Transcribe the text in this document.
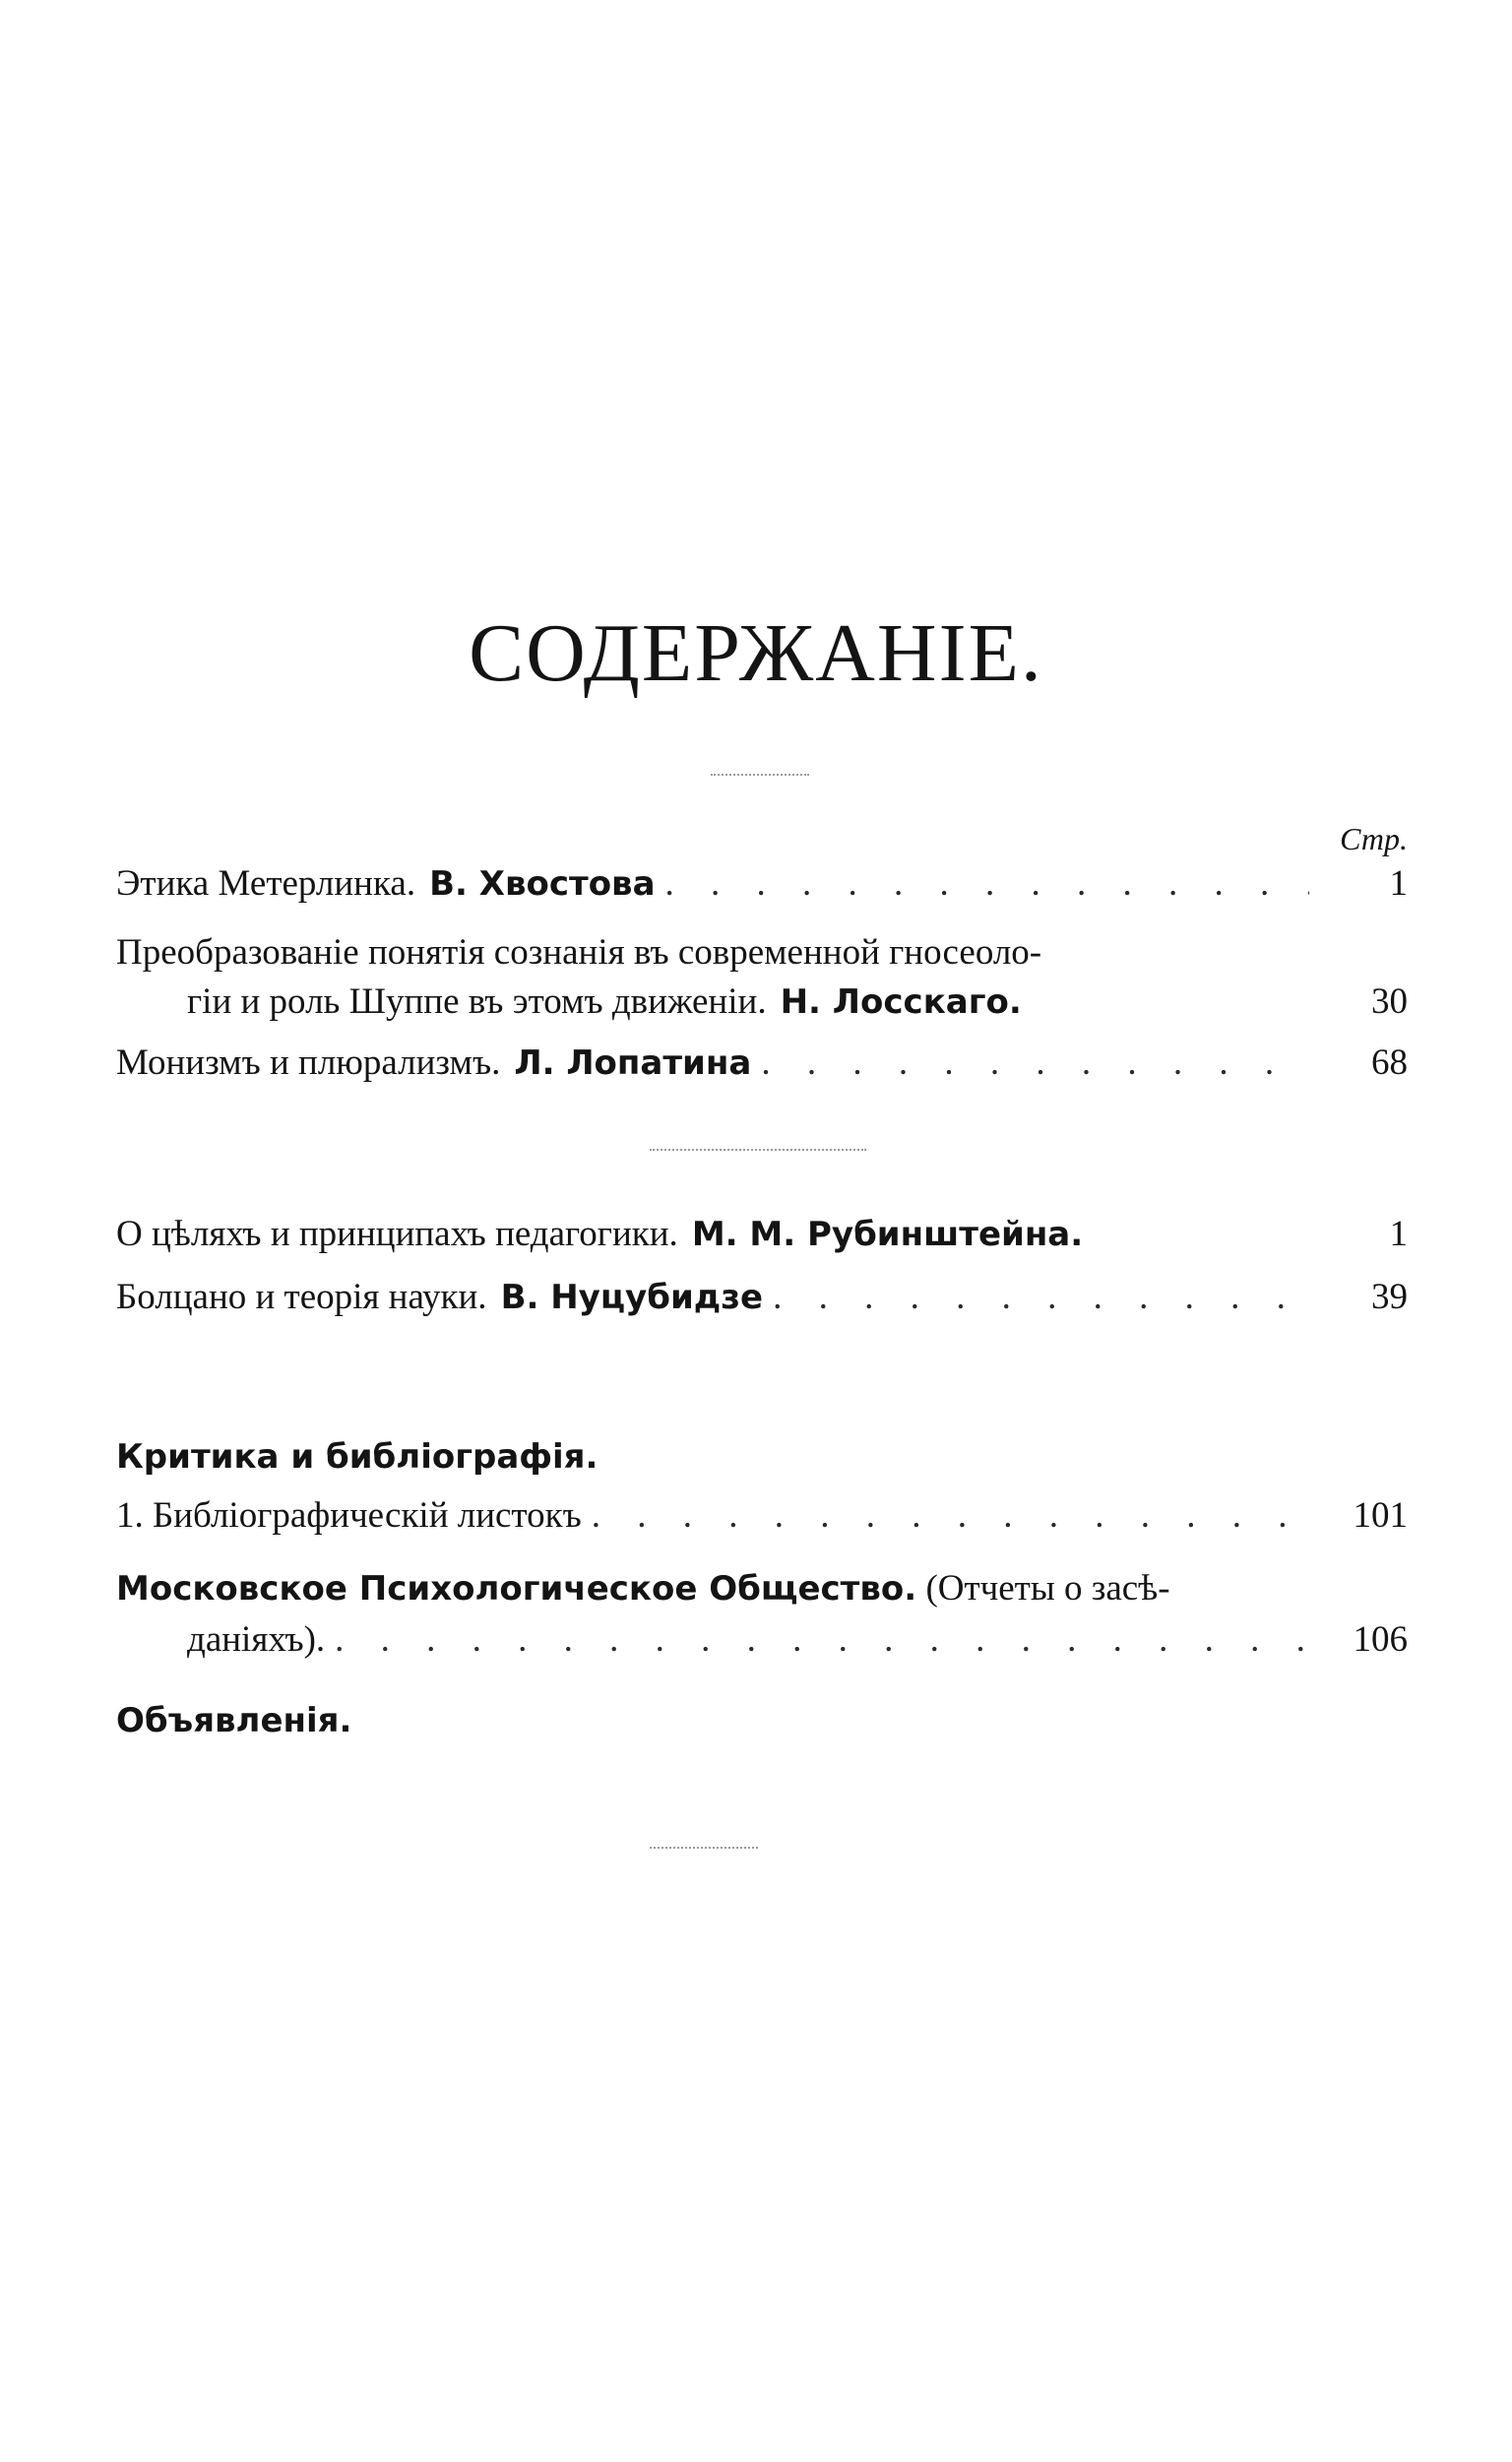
СОДЕРЖАНІЕ.
Стр.
Этика Метерлинка. В. Хвостова . . .	1
Преобразованіе понятія сознанія въ современной гносеоло-
гіи и роль Шуппе въ этомъ движеніи. Н. Лосскаго.	30
Монизмъ и плюрализмъ. Л. Лопатина . . .	68
О цѣляхъ и принципахъ педагогики. М. М. Рубинштейна.	1
Болцано и теорія науки. В. Нуцубидзе . . .	39
Критика и библіографія.
1. Библіографическій листокъ . . .	101
Московское Психологическое Общество. (Отчеты о засѣ-
даніяхъ). . . .	106
Объявленія.
